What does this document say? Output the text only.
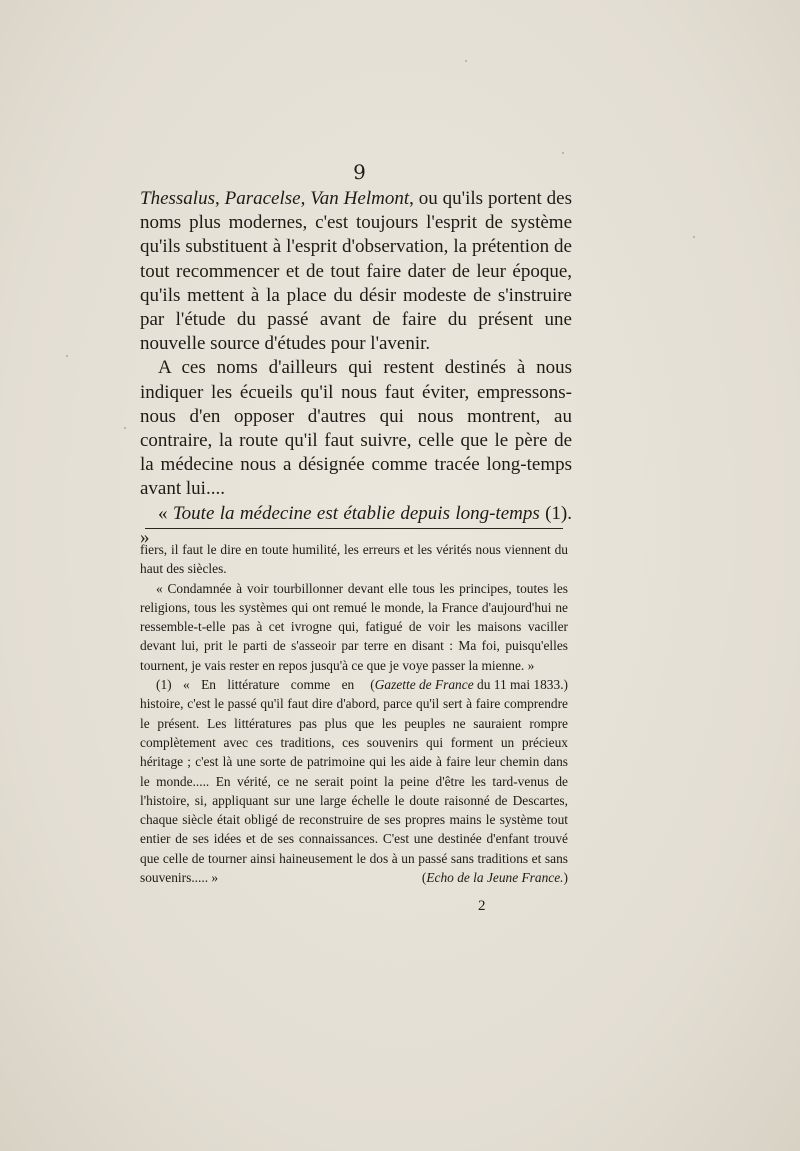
9

Thessalus, Paracelse, Van Helmont, ou qu'ils portent des noms plus modernes, c'est toujours l'esprit de système qu'ils substituent à l'esprit d'observation, la prétention de tout recommencer et de tout faire dater de leur époque, qu'ils mettent à la place du désir modeste de s'instruire par l'étude du passé avant de faire du présent une nouvelle source d'études pour l'avenir.

A ces noms d'ailleurs qui restent destinés à nous indiquer les écueils qu'il nous faut éviter, empressons-nous d'en opposer d'autres qui nous montrent, au contraire, la route qu'il faut suivre, celle que le père de la médecine nous a désignée comme tracée long-temps avant lui....

« Toute la médecine est établie depuis long-temps (1). »

fiers, il faut le dire en toute humilité, les erreurs et les vérités nous viennent du haut des siècles.

« Condamnée à voir tourbillonner devant elle tous les principes, toutes les religions, tous les systèmes qui ont remué le monde, la France d'aujourd'hui ne ressemble-t-elle pas à cet ivrogne qui, fatigué de voir les maisons vaciller devant lui, prit le parti de s'asseoir par terre en disant : Ma foi, puisqu'elles tournent, je vais rester en repos jusqu'à ce que je voye passer la mienne. »
(Gazette de France du 11 mai 1833.)

(1) « En littérature comme en histoire, c'est le passé qu'il faut dire d'abord, parce qu'il sert à faire comprendre le présent. Les littératures pas plus que les peuples ne sauraient rompre complètement avec ces traditions, ces souvenirs qui forment un précieux héritage ; c'est là une sorte de patrimoine qui les aide à faire leur chemin dans le monde..... En vérité, ce ne serait point la peine d'être les tard-venus de l'histoire, si, appliquant sur une large échelle le doute raisonné de Descartes, chaque siècle était obligé de reconstruire de ses propres mains le système tout entier de ses idées et de ses connaissances. C'est une destinée d'enfant trouvé que celle de tourner ainsi haineusement le dos à un passé sans traditions et sans souvenirs..... »	(Echo de la Jeune France.)

2
